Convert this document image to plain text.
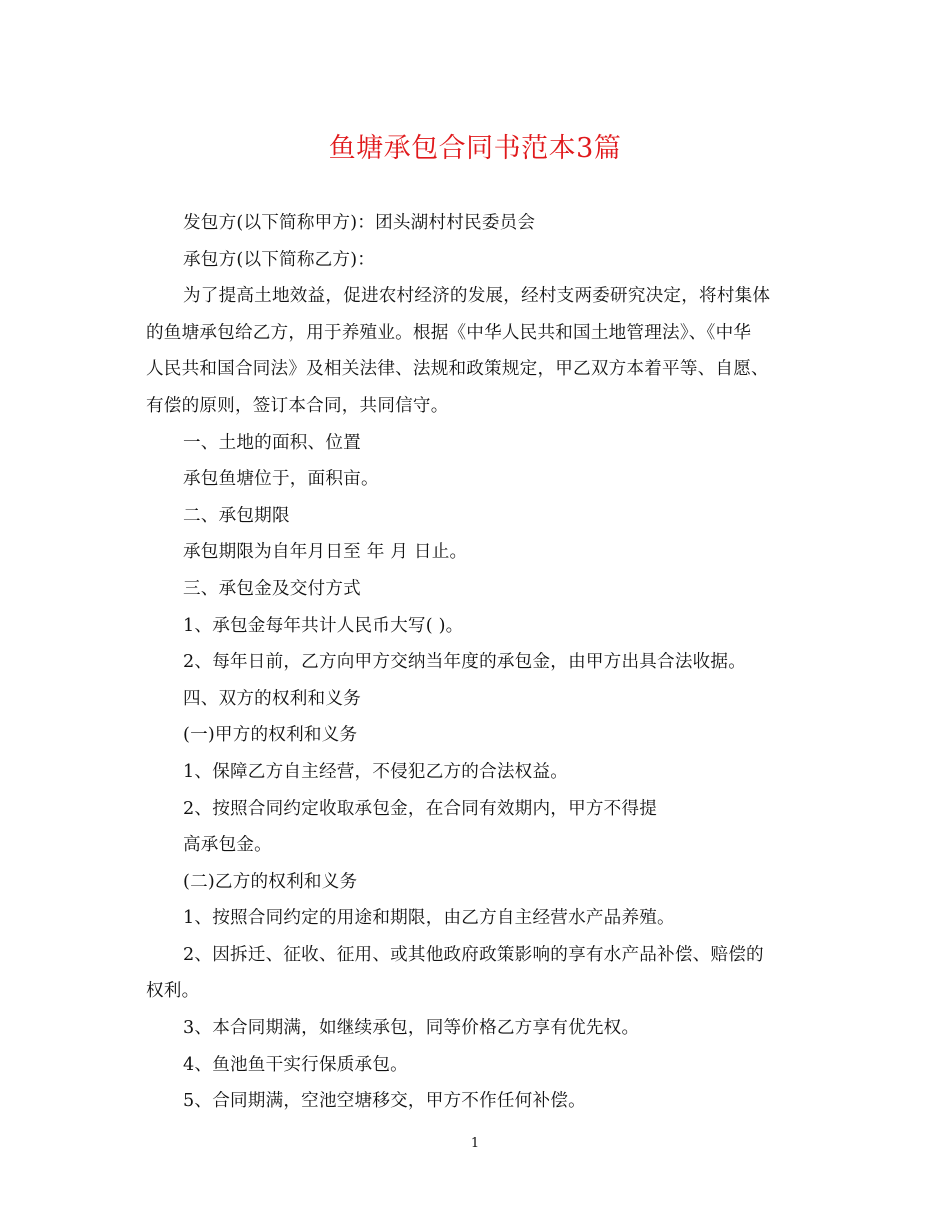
鱼塘承包合同书范本3篇
发包方(以下简称甲方)：团头湖村村民委员会
承包方(以下简称乙方)：
为了提高土地效益，促进农村经济的发展，经村支两委研究决定，将村集体
的鱼塘承包给乙方，用于养殖业。根据《中华人民共和国土地管理法》、《中华
人民共和国合同法》及相关法律、法规和政策规定，甲乙双方本着平等、自愿、
有偿的原则，签订本合同，共同信守。
一、土地的面积、位置
承包鱼塘位于，面积亩。
二、承包期限
承包期限为自年月日至 年 月 日止。
三、承包金及交付方式
1、承包金每年共计人民币大写( )。
2、每年日前，乙方向甲方交纳当年度的承包金，由甲方出具合法收据。
四、双方的权利和义务
(一)甲方的权利和义务
1、保障乙方自主经营，不侵犯乙方的合法权益。
2、按照合同约定收取承包金，在合同有效期内，甲方不得提
高承包金。
(二)乙方的权利和义务
1、按照合同约定的用途和期限，由乙方自主经营水产品养殖。
2、因拆迁、征收、征用、或其他政府政策影响的享有水产品补偿、赔偿的
权利。
3、本合同期满，如继续承包，同等价格乙方享有优先权。
4、鱼池鱼干实行保质承包。
5、合同期满，空池空塘移交，甲方不作任何补偿。
1
